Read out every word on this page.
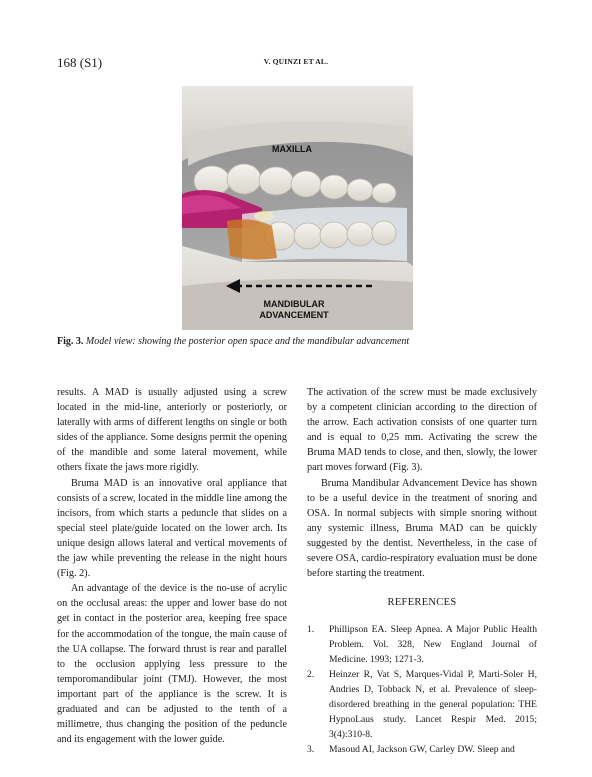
168 (S1)	V. QUINZI ET AL.
MAXILLA
MANDIBULAR
ADVANCEMENT
Fig. 3. Model view: showing the posterior open space and the mandibular advancement

results. A MAD is usually adjusted using a screw located in the mid-line, anteriorly or posteriorly, or laterally with arms of different lengths on single or both sides of the appliance. Some designs permit the opening of the mandible and some lateral movement, while others fixate the jaws more rigidly.

Bruma MAD is an innovative oral appliance that consists of a screw, located in the middle line among the incisors, from which starts a peduncle that slides on a special steel plate/guide located on the lower arch. Its unique design allows lateral and vertical movements of the jaw while preventing the release in the night hours (Fig. 2).

An advantage of the device is the no-use of acrylic on the occlusal areas: the upper and lower base do not get in contact in the posterior area, keeping free space for the accommodation of the tongue, the main cause of the UA collapse. The forward thrust is rear and parallel to the occlusion applying less pressure to the temporomandibular joint (TMJ). However, the most important part of the appliance is the screw. It is graduated and can be adjusted to the tenth of a millimetre, thus changing the position of the peduncle and its engagement with the lower guide.

The activation of the screw must be made exclusively by a competent clinician according to the direction of the arrow. Each activation consists of one quarter turn and is equal to 0,25 mm. Activating the screw the Bruma MAD tends to close, and then, slowly, the lower part moves forward (Fig. 3).

Bruma Mandibular Advancement Device has shown to be a useful device in the treatment of snoring and OSA. In normal subjects with simple snoring without any systemic illness, Bruma MAD can be quickly suggested by the dentist. Nevertheless, in the case of severe OSA, cardio-respiratory evaluation must be done before starting the treatment.

REFERENCES
1.	Phillipson EA. Sleep Apnea. A Major Public Health Problem. Vol. 328, New England Journal of Medicine. 1993; 1271-3.
2.	Heinzer R, Vat S, Marques-Vidal P, Marti-Soler H, Andries D, Tobback N, et al. Prevalence of sleep-disordered breathing in the general population: THE HypnoLaus study. Lancet Respir Med. 2015; 3(4):310-8.
3.	Masoud AI, Jackson GW, Carley DW. Sleep and
